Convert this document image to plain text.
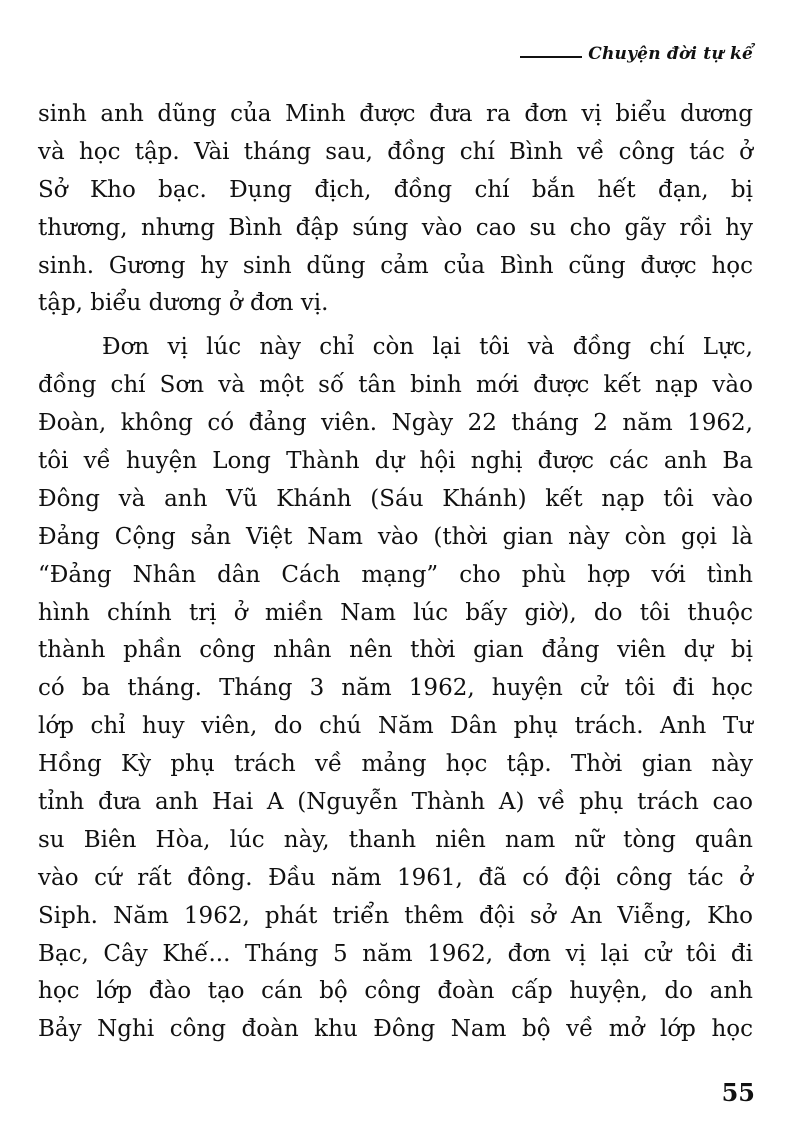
Chuyện đời tự kể
sinh anh dũng của Minh được đưa ra đơn vị biểu dương
và học tập. Vài tháng sau, đồng chí Bình về công tác ở
Sở Kho bạc. Đụng địch, đồng chí bắn hết đạn, bị
thương, nhưng Bình đập súng vào cao su cho gãy rồi hy
sinh. Gương hy sinh dũng cảm của Bình cũng được học
tập, biểu dương ở đơn vị.
Đơn vị lúc này chỉ còn lại tôi và đồng chí Lực,
đồng chí Sơn và một số tân binh mới được kết nạp vào
Đoàn, không có đảng viên. Ngày 22 tháng 2 năm 1962,
tôi về huyện Long Thành dự hội nghị được các anh Ba
Đông và anh Vũ Khánh (Sáu Khánh) kết nạp tôi vào
Đảng Cộng sản Việt Nam vào (thời gian này còn gọi là
“Đảng Nhân dân Cách mạng” cho phù hợp với tình
hình chính trị ở miền Nam lúc bấy giờ), do tôi thuộc
thành phần công nhân nên thời gian đảng viên dự bị
có ba tháng. Tháng 3 năm 1962, huyện cử tôi đi học
lớp chỉ huy viên, do chú Năm Dân phụ trách. Anh Tư
Hồng Kỳ phụ trách về mảng học tập. Thời gian này
tỉnh đưa anh Hai A (Nguyễn Thành A) về phụ trách cao
su Biên Hòa, lúc này, thanh niên nam nữ tòng quân
vào cứ rất đông. Đầu năm 1961, đã có đội công tác ở
Siph. Năm 1962, phát triển thêm đội sở An Viễng, Kho
Bạc, Cây Khế... Tháng 5 năm 1962, đơn vị lại cử tôi đi
học lớp đào tạo cán bộ công đoàn cấp huyện, do anh
Bảy Nghi công đoàn khu Đông Nam bộ về mở lớp học
55
